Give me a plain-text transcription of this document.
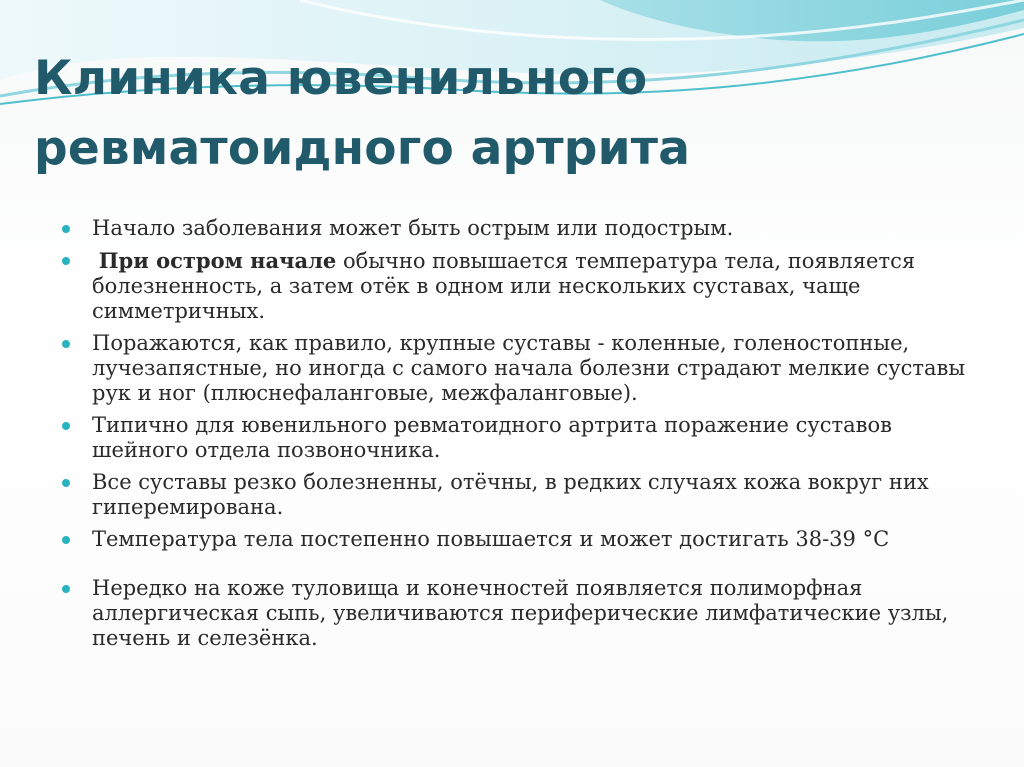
Клиника ювенильного
ревматоидного артрита
Начало заболевания может быть острым или подострым.
При остром начале обычно повышается температура тела, появляется болезненность, а затем отёк в одном или нескольких суставах, чаще симметричных.
Поражаются, как правило, крупные суставы - коленные, голеностопные, лучезапястные, но иногда с самого начала болезни страдают мелкие суставы рук и ног (плюснефаланговые, межфаланговые).
Типично для ювенильного ревматоидного артрита поражение суставов шейного отдела позвоночника.
Все суставы резко болезненны, отёчны, в редких случаях кожа вокруг них гиперемирована.
Температура тела постепенно повышается и может достигать 38-39 °С
Нередко на коже туловища и конечностей появляется полиморфная аллергическая сыпь, увеличиваются периферические лимфатические узлы, печень и селезёнка.
